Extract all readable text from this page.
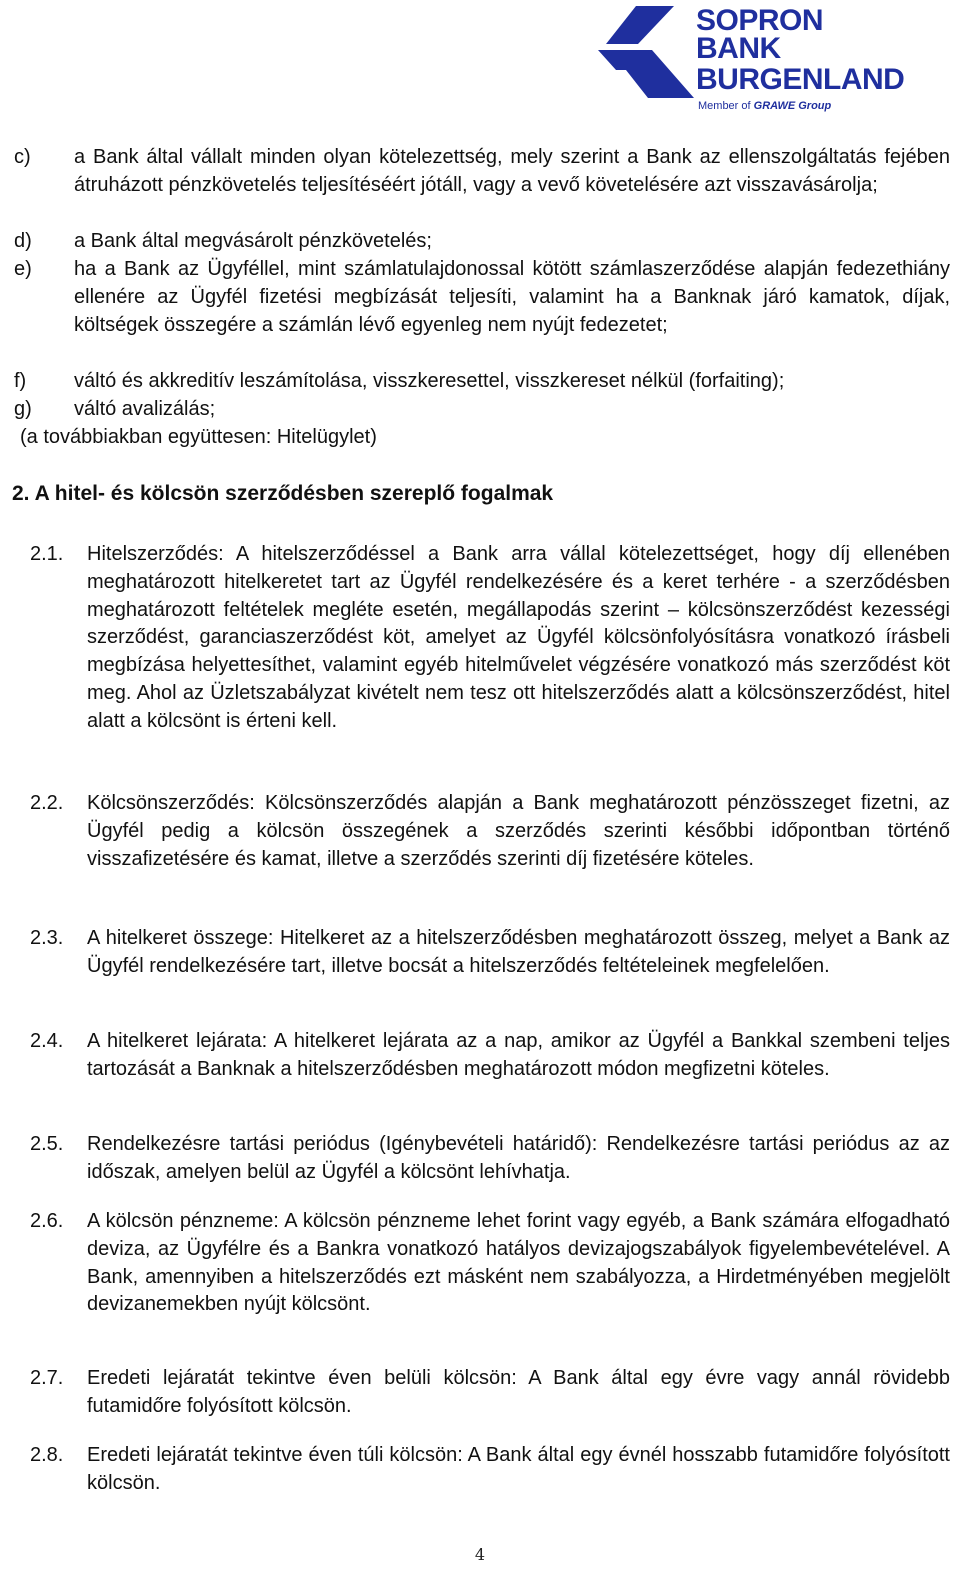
SOPRON
BANK
BURGENLAND
Member of GRAWE Group
c) a Bank által vállalt minden olyan kötelezettség, mely szerint a Bank az ellenszolgáltatás fejében átruházott pénzkövetelés teljesítéséért jótáll, vagy a vevő követelésére azt visszavásárolja;
d) a Bank által megvásárolt pénzkövetelés;
e) ha a Bank az Ügyféllel, mint számlatulajdonossal kötött számlaszerződése alapján fedezethiány ellenére az Ügyfél fizetési megbízását teljesíti, valamint ha a Banknak járó kamatok, díjak, költségek összegére a számlán lévő egyenleg nem nyújt fedezetet;
f) váltó és akkreditív leszámítolása, visszkeresettel, visszkereset nélkül (forfaiting);
g) váltó avalizálás;
(a továbbiakban együttesen: Hitelügylet)
2. A hitel- és kölcsön szerződésben szereplő fogalmak
2.1. Hitelszerződés: A hitelszerződéssel a Bank arra vállal kötelezettséget, hogy díj ellenében meghatározott hitelkeretet tart az Ügyfél rendelkezésére és a keret terhére - a szerződésben meghatározott feltételek megléte esetén, megállapodás szerint – kölcsönszerződést kezességi szerződést, garanciaszerződést köt, amelyet az Ügyfél kölcsönfolyósításra vonatkozó írásbeli megbízása helyettesíthet, valamint egyéb hitelművelet végzésére vonatkozó más szerződést köt meg. Ahol az Üzletszabályzat kivételt nem tesz ott hitelszerződés alatt a kölcsönszerződést, hitel alatt a kölcsönt is érteni kell.
2.2. Kölcsönszerződés: Kölcsönszerződés alapján a Bank meghatározott pénzösszeget fizetni, az Ügyfél pedig a kölcsön összegének a szerződés szerinti későbbi időpontban történő visszafizetésére és kamat, illetve a szerződés szerinti díj fizetésére köteles.
2.3. A hitelkeret összege: Hitelkeret az a hitelszerződésben meghatározott összeg, melyet a Bank az Ügyfél rendelkezésére tart, illetve bocsát a hitelszerződés feltételeinek megfelelően.
2.4. A hitelkeret lejárata: A hitelkeret lejárata az a nap, amikor az Ügyfél a Bankkal szembeni teljes tartozását a Banknak a hitelszerződésben meghatározott módon megfizetni köteles.
2.5. Rendelkezésre tartási periódus (Igénybevételi határidő): Rendelkezésre tartási periódus az az időszak, amelyen belül az Ügyfél a kölcsönt lehívhatja.
2.6. A kölcsön pénzneme: A kölcsön pénzneme lehet forint vagy egyéb, a Bank számára elfogadható deviza, az Ügyfélre és a Bankra vonatkozó hatályos devizajogszabályok figyelembevételével. A Bank, amennyiben a hitelszerződés ezt másként nem szabályozza, a Hirdetményében megjelölt devizanemekben nyújt kölcsönt.
2.7. Eredeti lejáratát tekintve éven belüli kölcsön: A Bank által egy évre vagy annál rövidebb futamidőre folyósított kölcsön.
2.8. Eredeti lejáratát tekintve éven túli kölcsön: A Bank által egy évnél hosszabb futamidőre folyósított kölcsön.
4
